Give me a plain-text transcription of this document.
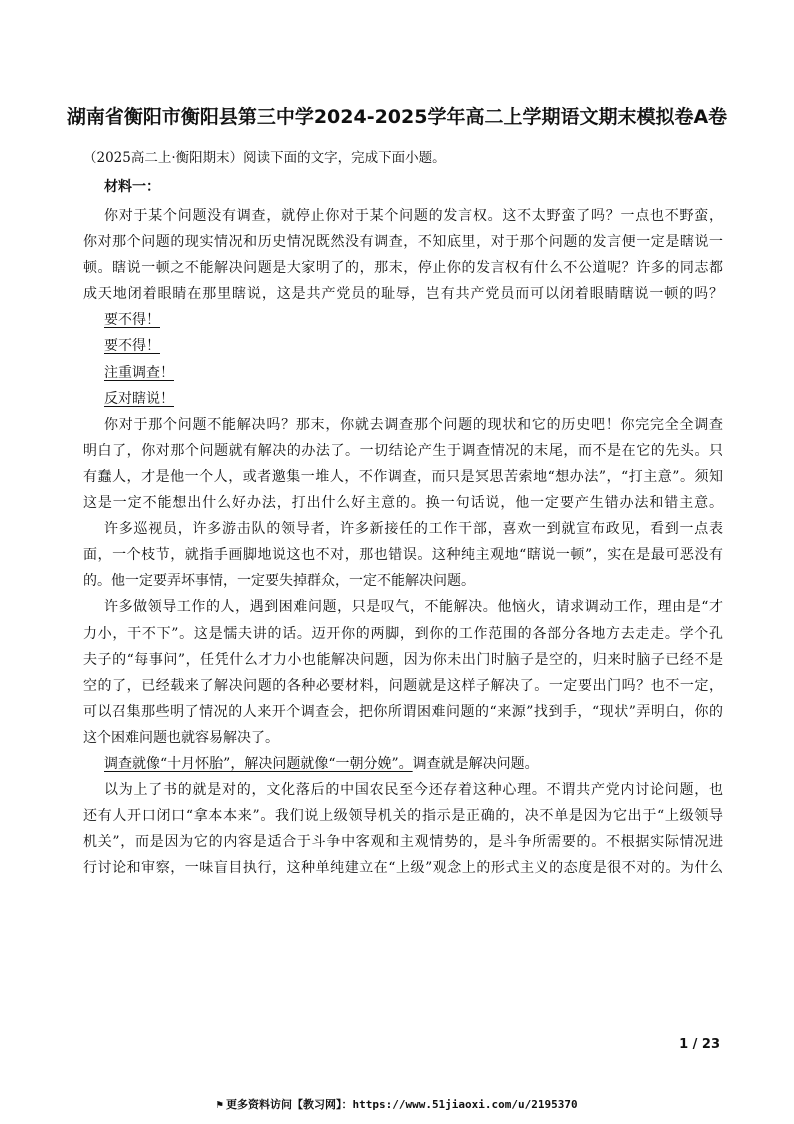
湖南省衡阳市衡阳县第三中学2024-2025学年高二上学期语文期末模拟卷A卷
（2025高二上·衡阳期末）阅读下面的文字，完成下面小题。
材料一：
你对于某个问题没有调查，就停止你对于某个问题的发言权。这不太野蛮了吗？一点也不野蛮，
你对那个问题的现实情况和历史情况既然没有调查，不知底里，对于那个问题的发言便一定是瞎说一
顿。瞎说一顿之不能解决问题是大家明了的，那末，停止你的发言权有什么不公道呢？许多的同志都
成天地闭着眼睛在那里瞎说，这是共产党员的耻辱，岂有共产党员而可以闭着眼睛瞎说一顿的吗？
要不得！
要不得！
注重调查！
反对瞎说！
你对于那个问题不能解决吗？那末，你就去调查那个问题的现状和它的历史吧！你完完全全调查
明白了，你对那个问题就有解决的办法了。一切结论产生于调查情况的末尾，而不是在它的先头。只
有蠢人，才是他一个人，或者邀集一堆人，不作调查，而只是冥思苦索地“想办法”，“打主意”。须知
这是一定不能想出什么好办法，打出什么好主意的。换一句话说，他一定要产生错办法和错主意。
许多巡视员，许多游击队的领导者，许多新接任的工作干部，喜欢一到就宣布政见，看到一点表
面，一个枝节，就指手画脚地说这也不对，那也错误。这种纯主观地“瞎说一顿”，实在是最可恶没有
的。他一定要弄坏事情，一定要失掉群众，一定不能解决问题。
许多做领导工作的人，遇到困难问题，只是叹气，不能解决。他恼火，请求调动工作，理由是“才
力小，干不下”。这是懦夫讲的话。迈开你的两脚，到你的工作范围的各部分各地方去走走。学个孔
夫子的“每事问”，任凭什么才力小也能解决问题，因为你未出门时脑子是空的，归来时脑子已经不是
空的了，已经载来了解决问题的各种必要材料，问题就是这样子解决了。一定要出门吗？也不一定，
可以召集那些明了情况的人来开个调查会，把你所谓困难问题的“来源”找到手，“现状”弄明白，你的
这个困难问题也就容易解决了。
调查就像“十月怀胎”，解决问题就像“一朝分娩”。调查就是解决问题。
以为上了书的就是对的，文化落后的中国农民至今还存着这种心理。不谓共产党内讨论问题，也
还有人开口闭口“拿本本来”。我们说上级领导机关的指示是正确的，决不单是因为它出于“上级领导
机关”，而是因为它的内容是适合于斗争中客观和主观情势的，是斗争所需要的。不根据实际情况进
行讨论和审察，一味盲目执行，这种单纯建立在“上级”观念上的形式主义的态度是很不对的。为什么
1 / 23
⚑ 更多资料访问【教习网】：https://www.51jiaoxi.com/u/2195370
